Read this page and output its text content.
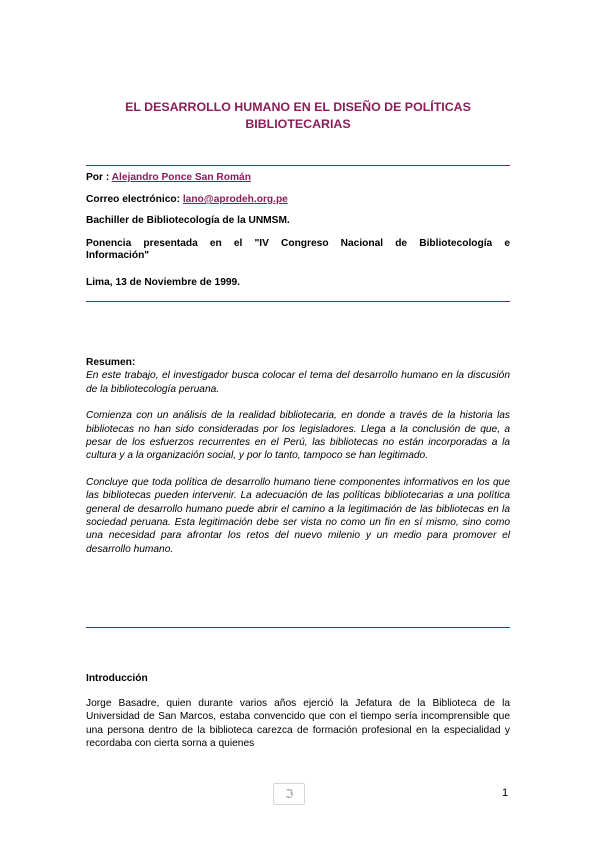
EL DESARROLLO HUMANO EN EL DISEÑO DE POLÍTICAS
BIBLIOTECARIAS
Por : Alejandro Ponce San Román
Correo electrónico: lano@aprodeh.org.pe
Bachiller de Bibliotecología de la UNMSM.
Ponencia presentada en el "IV Congreso Nacional de Bibliotecología e
Información"
Lima, 13 de Noviembre de 1999.
Resumen:

En este trabajo, el investigador busca colocar el tema del desarrollo humano en la discusión de la bibliotecología peruana.

Comienza con un análisis de la realidad bibliotecaria, en donde a través de la historia las bibliotecas no han sido consideradas por los legisladores. Llega a la conclusión de que, a pesar de los esfuerzos recurrentes en el Perú, las bibliotecas no están incorporadas a la cultura y a la organización social, y por lo tanto, tampoco se han legitimado.

Concluye que toda política de desarrollo humano tiene componentes informativos en los que las bibliotecas pueden intervenir. La adecuación de las políticas bibliotecarias a una política general de desarrollo humano puede abrir el camino a la legitimación de las bibliotecas en la sociedad peruana. Esta legitimación debe ser vista no como un fin en sí mismo, sino como una necesidad para afrontar los retos del nuevo milenio y un medio para promover el desarrollo humano.

Introducción
Jorge Basadre, quien durante varios años ejerció la Jefatura de la Biblioteca de la Universidad de San Marcos, estaba convencido que con el tiempo sería incomprensible que una persona dentro de la biblioteca carezca de formación profesional en la especialidad y recordaba con cierta sorna a quienes
ℑ	1
